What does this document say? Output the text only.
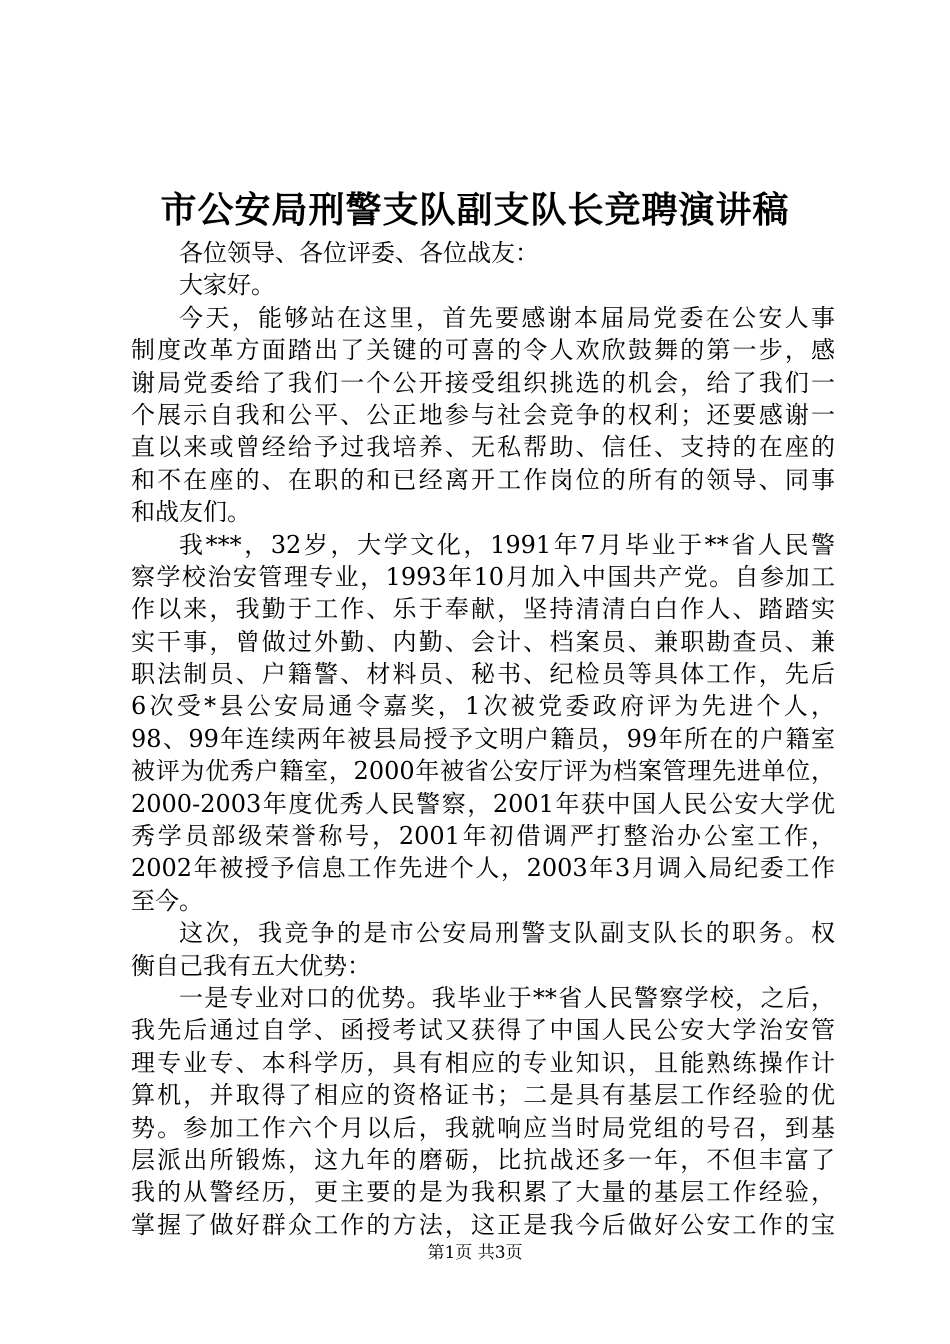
市公安局刑警支队副支队长竞聘演讲稿
各位领导、各位评委、各位战友：
大家好。
今天，能够站在这里，首先要感谢本届局党委在公安人事
制度改革方面踏出了关键的可喜的令人欢欣鼓舞的第一步，感
谢局党委给了我们一个公开接受组织挑选的机会，给了我们一
个展示自我和公平、公正地参与社会竞争的权利；还要感谢一
直以来或曾经给予过我培养、无私帮助、信任、支持的在座的
和不在座的、在职的和已经离开工作岗位的所有的领导、同事
和战友们。
我***，32岁，大学文化，1991年7月毕业于**省人民警
察学校治安管理专业，1993年10月加入中国共产党。自参加工
作以来，我勤于工作、乐于奉献，坚持清清白白作人、踏踏实
实干事，曾做过外勤、内勤、会计、档案员、兼职勘查员、兼
职法制员、户籍警、材料员、秘书、纪检员等具体工作，先后
6次受*县公安局通令嘉奖，1次被党委政府评为先进个人，
98、99年连续两年被县局授予文明户籍员，99年所在的户籍室
被评为优秀户籍室，2000年被省公安厅评为档案管理先进单位，
2000-2003年度优秀人民警察，2001年获中国人民公安大学优
秀学员部级荣誉称号，2001年初借调严打整治办公室工作，
2002年被授予信息工作先进个人，2003年3月调入局纪委工作
至今。
这次，我竞争的是市公安局刑警支队副支队长的职务。权
衡自己我有五大优势：
一是专业对口的优势。我毕业于**省人民警察学校，之后，
我先后通过自学、函授考试又获得了中国人民公安大学治安管
理专业专、本科学历，具有相应的专业知识，且能熟练操作计
算机，并取得了相应的资格证书；二是具有基层工作经验的优
势。参加工作六个月以后，我就响应当时局党组的号召，到基
层派出所锻炼，这九年的磨砺，比抗战还多一年，不但丰富了
我的从警经历，更主要的是为我积累了大量的基层工作经验，
掌握了做好群众工作的方法，这正是我今后做好公安工作的宝
第1页 共3页
